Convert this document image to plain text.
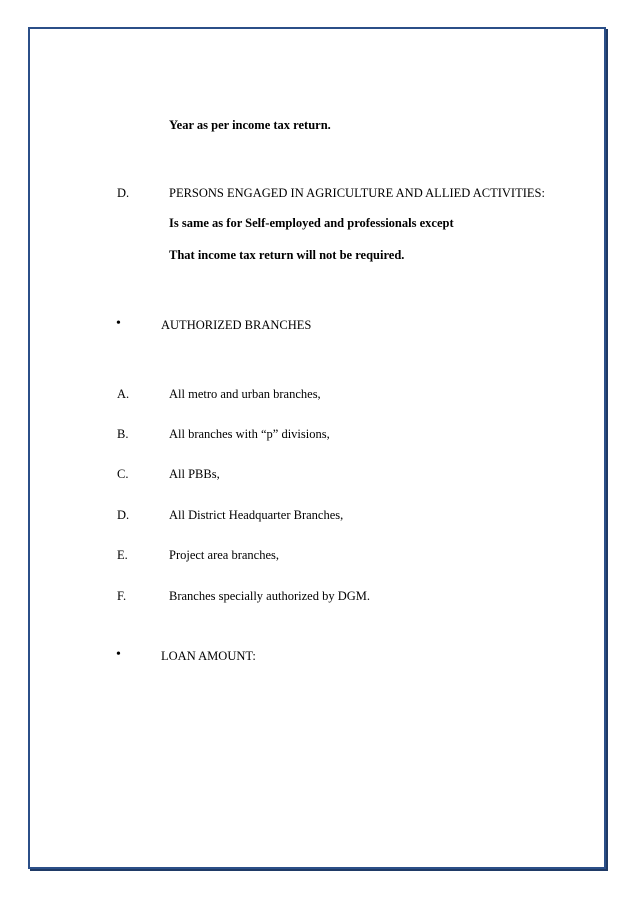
Year as per income tax return.
D.	PERSONS ENGAGED IN AGRICULTURE AND ALLIED ACTIVITIES:
Is same as for Self-employed and professionals except
That income tax return will not be required.
•	AUTHORIZED BRANCHES
A.	All metro and urban branches,
B.	All branches with “p” divisions,
C.	All PBBs,
D.	All District Headquarter Branches,
E.	Project area branches,
F.	Branches specially authorized by DGM.
•	LOAN AMOUNT:
